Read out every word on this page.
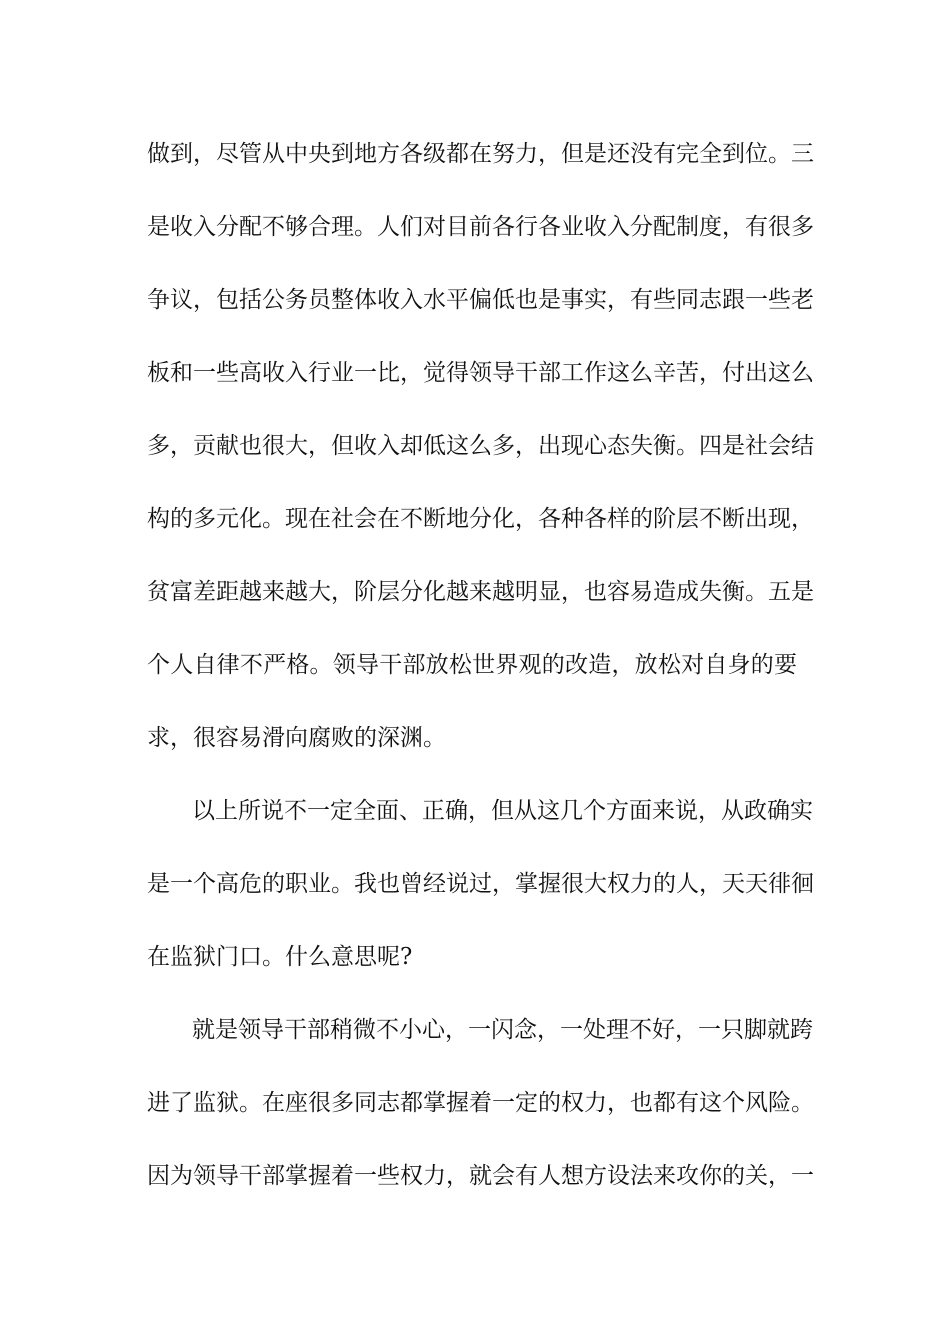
做到，尽管从中央到地方各级都在努力，但是还没有完全到位。三
是收入分配不够合理。人们对目前各行各业收入分配制度，有很多
争议，包括公务员整体收入水平偏低也是事实，有些同志跟一些老
板和一些高收入行业一比，觉得领导干部工作这么辛苦，付出这么
多，贡献也很大，但收入却低这么多，出现心态失衡。四是社会结
构的多元化。现在社会在不断地分化，各种各样的阶层不断出现，
贫富差距越来越大，阶层分化越来越明显，也容易造成失衡。五是
个人自律不严格。领导干部放松世界观的改造，放松对自身的要
求，很容易滑向腐败的深渊。
以上所说不一定全面、正确，但从这几个方面来说，从政确实
是一个高危的职业。我也曾经说过，掌握很大权力的人，天天徘徊
在监狱门口。什么意思呢?
就是领导干部稍微不小心，一闪念，一处理不好，一只脚就跨
进了监狱。在座很多同志都掌握着一定的权力，也都有这个风险。
因为领导干部掌握着一些权力，就会有人想方设法来攻你的关，一
